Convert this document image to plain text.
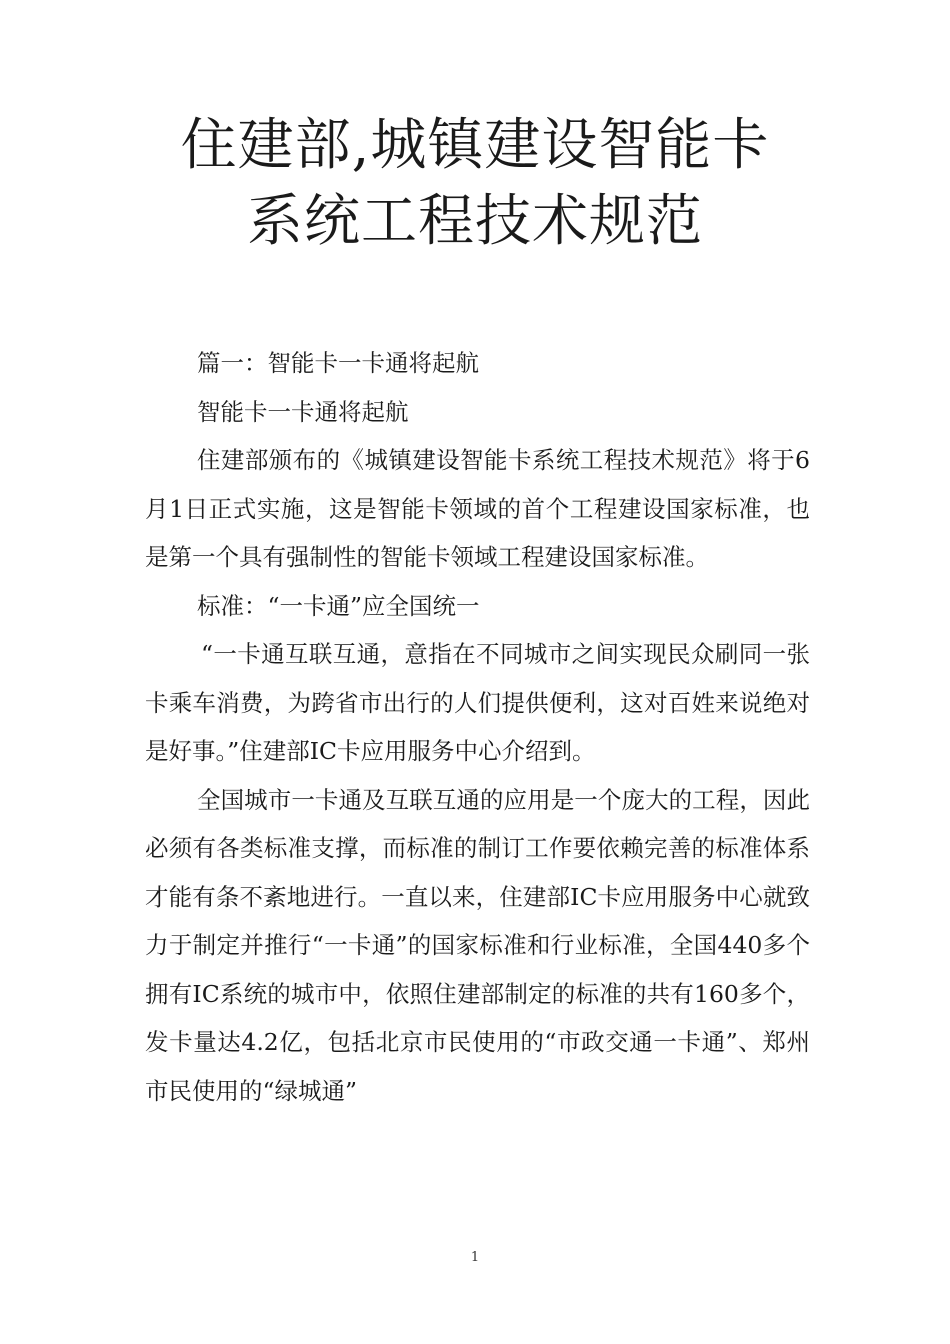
住建部,城镇建设智能卡
系统工程技术规范

篇一：智能卡一卡通将起航

智能卡一卡通将起航

住建部颁布的《城镇建设智能卡系统工程技术规范》将于6月1日正式实施，这是智能卡领域的首个工程建设国家标准，也是第一个具有强制性的智能卡领域工程建设国家标准。

标准：“一卡通”应全国统一

“一卡通互联互通，意指在不同城市之间实现民众刷同一张卡乘车消费，为跨省市出行的人们提供便利，这对百姓来说绝对是好事。”住建部IC卡应用服务中心介绍到。

全国城市一卡通及互联互通的应用是一个庞大的工程，因此必须有各类标准支撑，而标准的制订工作要依赖完善的标准体系才能有条不紊地进行。一直以来，住建部IC卡应用服务中心就致力于制定并推行“一卡通”的国家标准和行业标准，全国440多个拥有IC系统的城市中，依照住建部制定的标准的共有160多个，发卡量达4.2亿，包括北京市民使用的“市政交通一卡通”、郑州市民使用的“绿城通”

1
